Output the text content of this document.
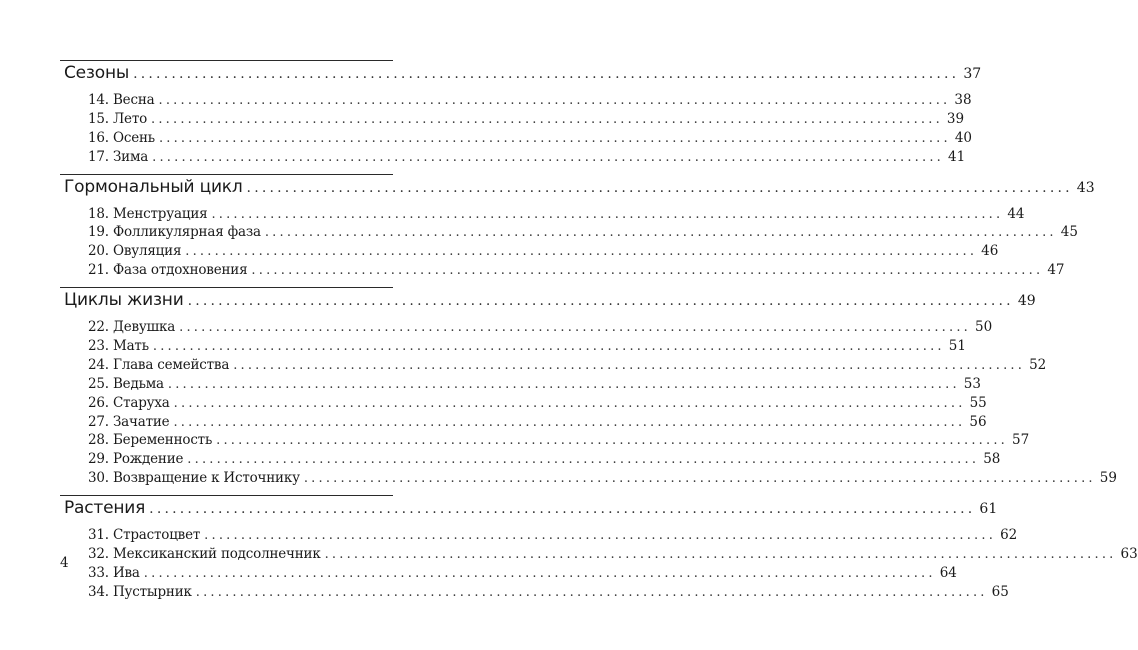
Сезоны ............................................................................................................ 37
14. Весна ............................................................................................................ 38
15. Лето ............................................................................................................ 39
16. Осень ............................................................................................................ 40
17. Зима ............................................................................................................ 41
Гормональный цикл ............................................................................................................ 43
18. Менструация ............................................................................................................ 44
19. Фолликулярная фаза ............................................................................................................ 45
20. Овуляция ............................................................................................................ 46
21. Фаза отдохновения ............................................................................................................ 47
Циклы жизни ............................................................................................................ 49
22. Девушка ............................................................................................................ 50
23. Мать ............................................................................................................ 51
24. Глава семейства ............................................................................................................ 52
25. Ведьма ............................................................................................................ 53
26. Старуха ............................................................................................................ 55
27. Зачатие ............................................................................................................ 56
28. Беременность ............................................................................................................ 57
29. Рождение ............................................................................................................ 58
30. Возвращение к Источнику ............................................................................................................ 59
Растения ............................................................................................................ 61
31. Страстоцвет ............................................................................................................ 62
32. Мексиканский подсолнечник ............................................................................................................ 63
33. Ива ............................................................................................................ 64
34. Пустырник ............................................................................................................ 65
4
